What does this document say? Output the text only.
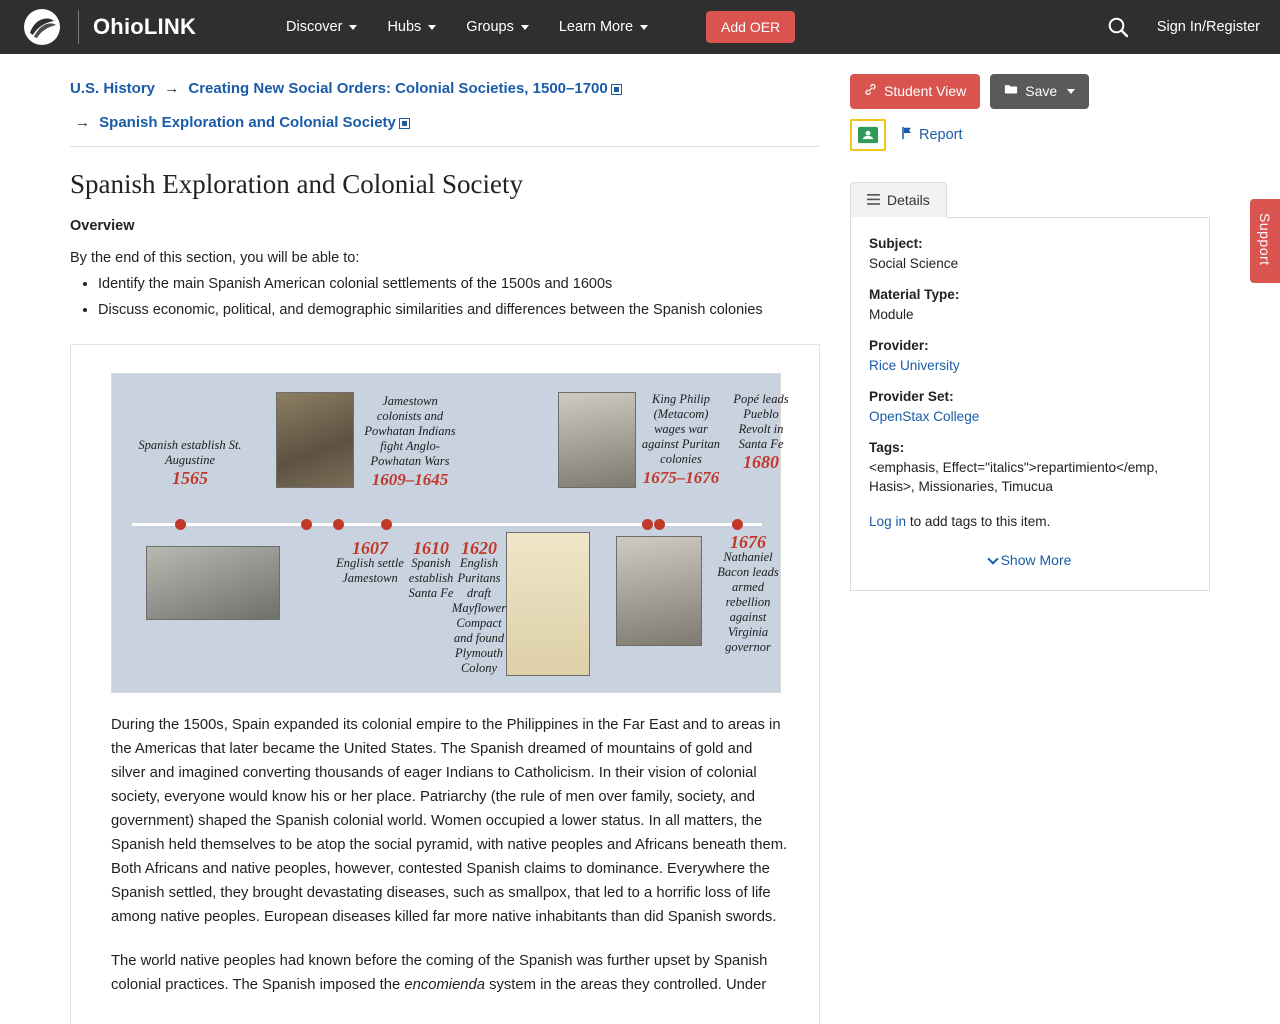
OhioLINK	Discover	Hubs	Groups	Learn More	Add OER	Sign In/Register
U.S. History → Creating New Social Orders: Colonial Societies, 1500–1700
→ Spanish Exploration and Colonial Society
Spanish Exploration and Colonial Society
Overview

By the end of this section, you will be able to:

• Identify the main Spanish American colonial settlements of the 1500s and 1600s
• Discuss economic, political, and demographic similarities and differences between the Spanish colonies
Spanish establish St. Augustine
1565
Jamestown colonists and Powhatan Indians fight Anglo-Powhatan Wars
1609–1645
King Philip (Metacom) wages war against Puritan colonies
1675–1676
Popé leads Pueblo Revolt in Santa Fe
1680
1607
English settle Jamestown
1610
Spanish establish Santa Fe
1620
English Puritans draft Mayflower Compact and found Plymouth Colony
1676
Nathaniel Bacon leads armed rebellion against Virginia governor

During the 1500s, Spain expanded its colonial empire to the Philippines in the Far East and to areas in the Americas that later became the United States. The Spanish dreamed of mountains of gold and silver and imagined converting thousands of eager Indians to Catholicism. In their vision of colonial society, everyone would know his or her place. Patriarchy (the rule of men over family, society, and government) shaped the Spanish colonial world. Women occupied a lower status. In all matters, the Spanish held themselves to be atop the social pyramid, with native peoples and Africans beneath them. Both Africans and native peoples, however, contested Spanish claims to dominance. Everywhere the Spanish settled, they brought devastating diseases, such as smallpox, that led to a horrific loss of life among native peoples. European diseases killed far more native inhabitants than did Spanish swords.

The world native peoples had known before the coming of the Spanish was further upset by Spanish colonial practices. The Spanish imposed the encomienda system in the areas they controlled. Under

Student View	Save
Report
Details
Subject:
Social Science
Material Type:
Module
Provider:
Rice University
Provider Set:
OpenStax College
Tags:
<emphasis, Effect="italics">repartimiento</emp, Hasis>, Missionaries, Timucua
Log in to add tags to this item.
Show More
Support
